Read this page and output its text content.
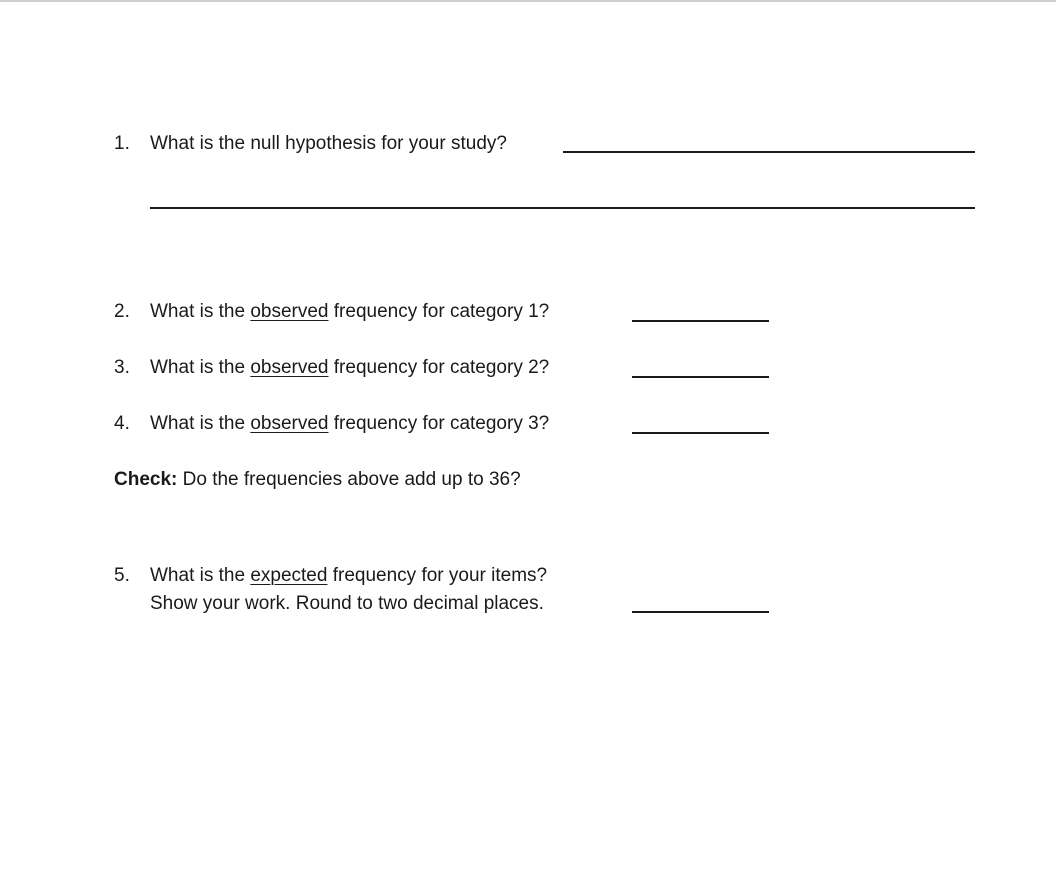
1. What is the null hypothesis for your study?
2. What is the observed frequency for category 1?
3. What is the observed frequency for category 2?
4. What is the observed frequency for category 3?
Check: Do the frequencies above add up to 36?
5. What is the expected frequency for your items?
Show your work. Round to two decimal places.
